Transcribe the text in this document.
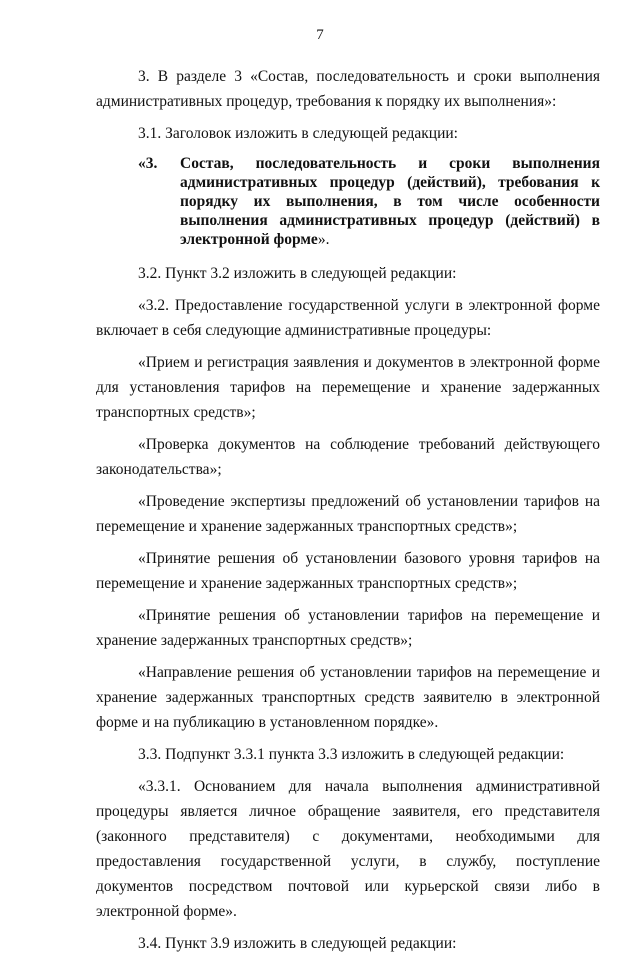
7

3. В разделе 3 «Состав, последовательность и сроки выполнения административных процедур, требования к порядку их выполнения»:

3.1. Заголовок изложить в следующей редакции:

«3.	Состав, последовательность и сроки выполнения административных процедур (действий), требования к порядку их выполнения, в том числе особенности выполнения административных процедур (действий) в электронной форме».

3.2. Пункт 3.2 изложить в следующей редакции:

«3.2. Предоставление государственной услуги в электронной форме включает в себя следующие административные процедуры:

«Прием и регистрация заявления и документов в электронной форме для установления тарифов на перемещение и хранение задержанных транспортных средств»;

«Проверка документов на соблюдение требований действующего законодательства»;

«Проведение экспертизы предложений об установлении тарифов на перемещение и хранение задержанных транспортных средств»;

«Принятие решения об установлении базового уровня тарифов на перемещение и хранение задержанных транспортных средств»;

«Принятие решения об установлении тарифов на перемещение и хранение задержанных транспортных средств»;

«Направление решения об установлении тарифов на перемещение и хранение задержанных транспортных средств заявителю в электронной форме и на публикацию в установленном порядке».

3.3. Подпункт 3.3.1 пункта 3.3 изложить в следующей редакции:

«3.3.1. Основанием для начала выполнения административной процедуры является личное обращение заявителя, его представителя (законного представителя) с документами, необходимыми для предоставления государственной услуги, в службу, поступление документов посредством почтовой или курьерской связи либо в электронной форме».

3.4. Пункт 3.9 изложить в следующей редакции:
